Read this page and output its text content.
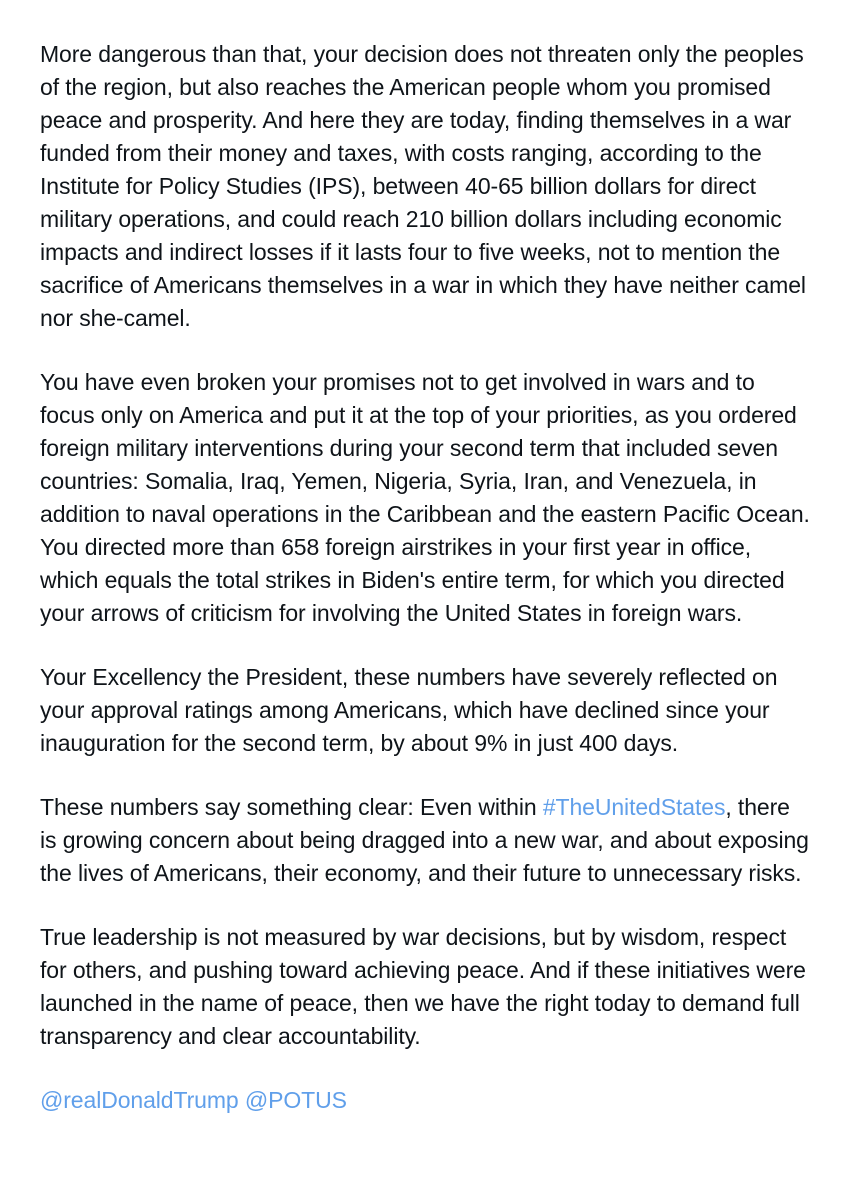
More dangerous than that, your decision does not threaten only the peoples of the region, but also reaches the American people whom you promised peace and prosperity. And here they are today, finding themselves in a war funded from their money and taxes, with costs ranging, according to the Institute for Policy Studies (IPS), between 40-65 billion dollars for direct military operations, and could reach 210 billion dollars including economic impacts and indirect losses if it lasts four to five weeks, not to mention the sacrifice of Americans themselves in a war in which they have neither camel nor she-camel.

You have even broken your promises not to get involved in wars and to focus only on America and put it at the top of your priorities, as you ordered foreign military interventions during your second term that included seven countries: Somalia, Iraq, Yemen, Nigeria, Syria, Iran, and Venezuela, in addition to naval operations in the Caribbean and the eastern Pacific Ocean. You directed more than 658 foreign airstrikes in your first year in office, which equals the total strikes in Biden's entire term, for which you directed your arrows of criticism for involving the United States in foreign wars.

Your Excellency the President, these numbers have severely reflected on your approval ratings among Americans, which have declined since your inauguration for the second term, by about 9% in just 400 days.

These numbers say something clear: Even within #TheUnitedStates, there is growing concern about being dragged into a new war, and about exposing the lives of Americans, their economy, and their future to unnecessary risks.

True leadership is not measured by war decisions, but by wisdom, respect for others, and pushing toward achieving peace. And if these initiatives were launched in the name of peace, then we have the right today to demand full transparency and clear accountability.

@realDonaldTrump @POTUS
